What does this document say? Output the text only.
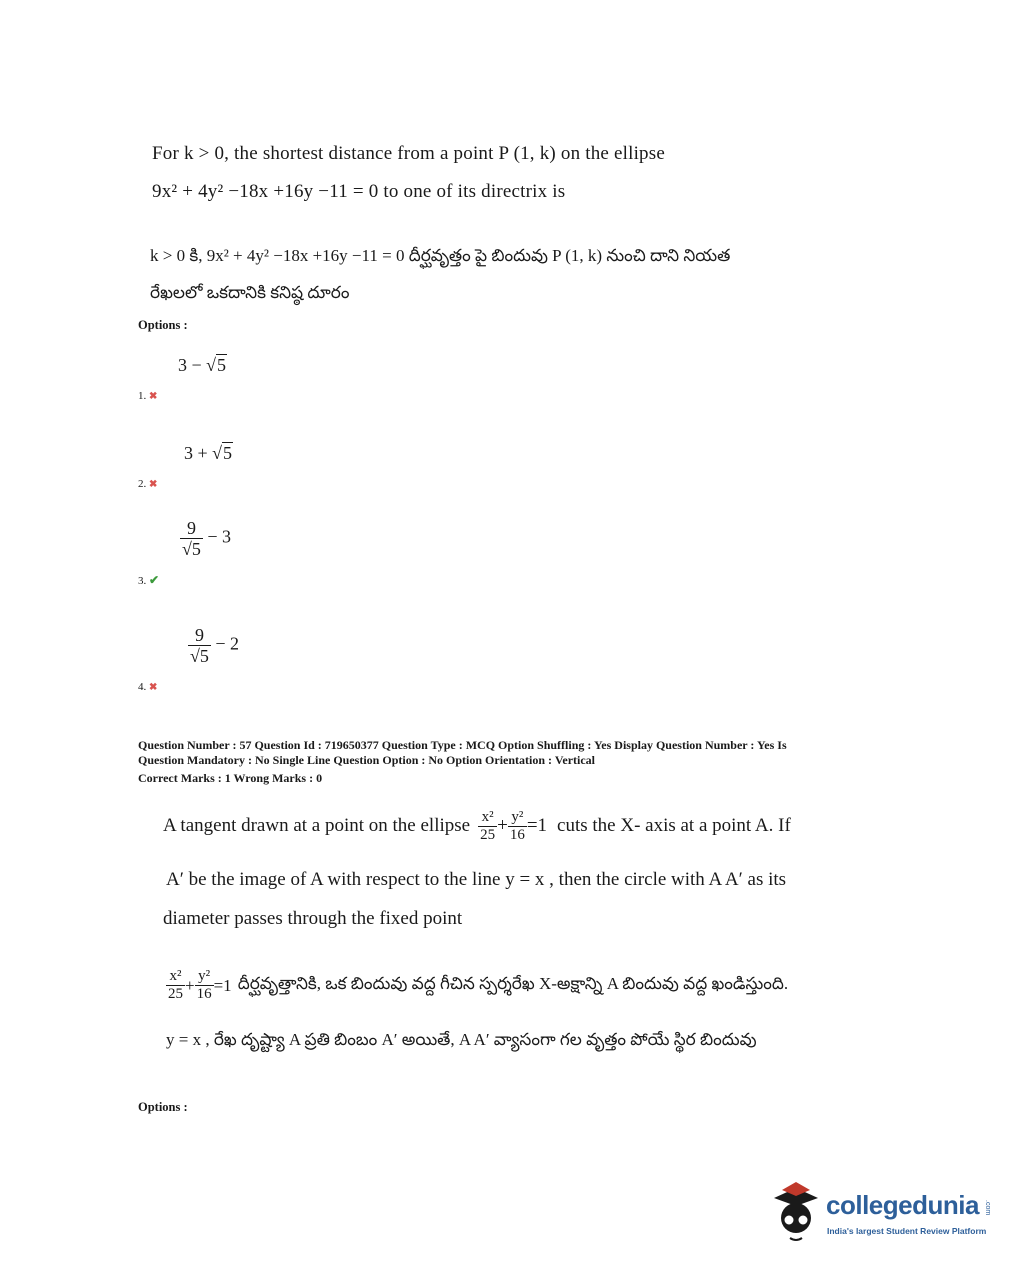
For k > 0, the shortest distance from a point P (1, k) on the ellipse
9x² + 4y² −18x +16y −11 = 0 to one of its directrix is
k > 0 కి, 9x² + 4y² −18x +16y −11 = 0 దీర్ఘవృత్తం పై బిందువు P (1, k) నుంచి దాని నియత
రేఖలలో ఒకదానికి కనిష్ఠ దూరం
Options :
3 − √5
1. ✖
3 + √5
2. ✖
$\frac{9}{√5} - 3$
3. ✔
$\frac{9}{√5} - 2$
4. ✖
Question Number : 57 Question Id : 719650377 Question Type : MCQ Option Shuffling : Yes Display Question Number : Yes Is
Question Mandatory : No Single Line Question Option : No Option Orientation : Vertical
Correct Marks : 1 Wrong Marks : 0
A tangent drawn at a point on the ellipse $\frac{\text{x²}}{25} + \frac{\text{y²}}{16} =1$ cuts the X- axis at a point A. If
A′ be the image of A with respect to the line y = x , then the circle with A A′ as its
diameter passes through the fixed point
$\frac{\text{x²}}{25} + \frac{\text{y²}}{16} =1$ దీర్ఘవృత్తానికి, ఒక బిందువు వద్ద గీచిన స్పర్శరేఖ X-అక్షాన్ని A బిందువు వద్ద ఖండిస్తుంది.
y = x , రేఖ దృష్ట్యా A ప్రతి బింబం A′ అయితే, A A′ వ్యాసంగా గల వృత్తం పోయే స్థిర బిందువు
Options :
collegedunia .com
India's largest Student Review Platform
